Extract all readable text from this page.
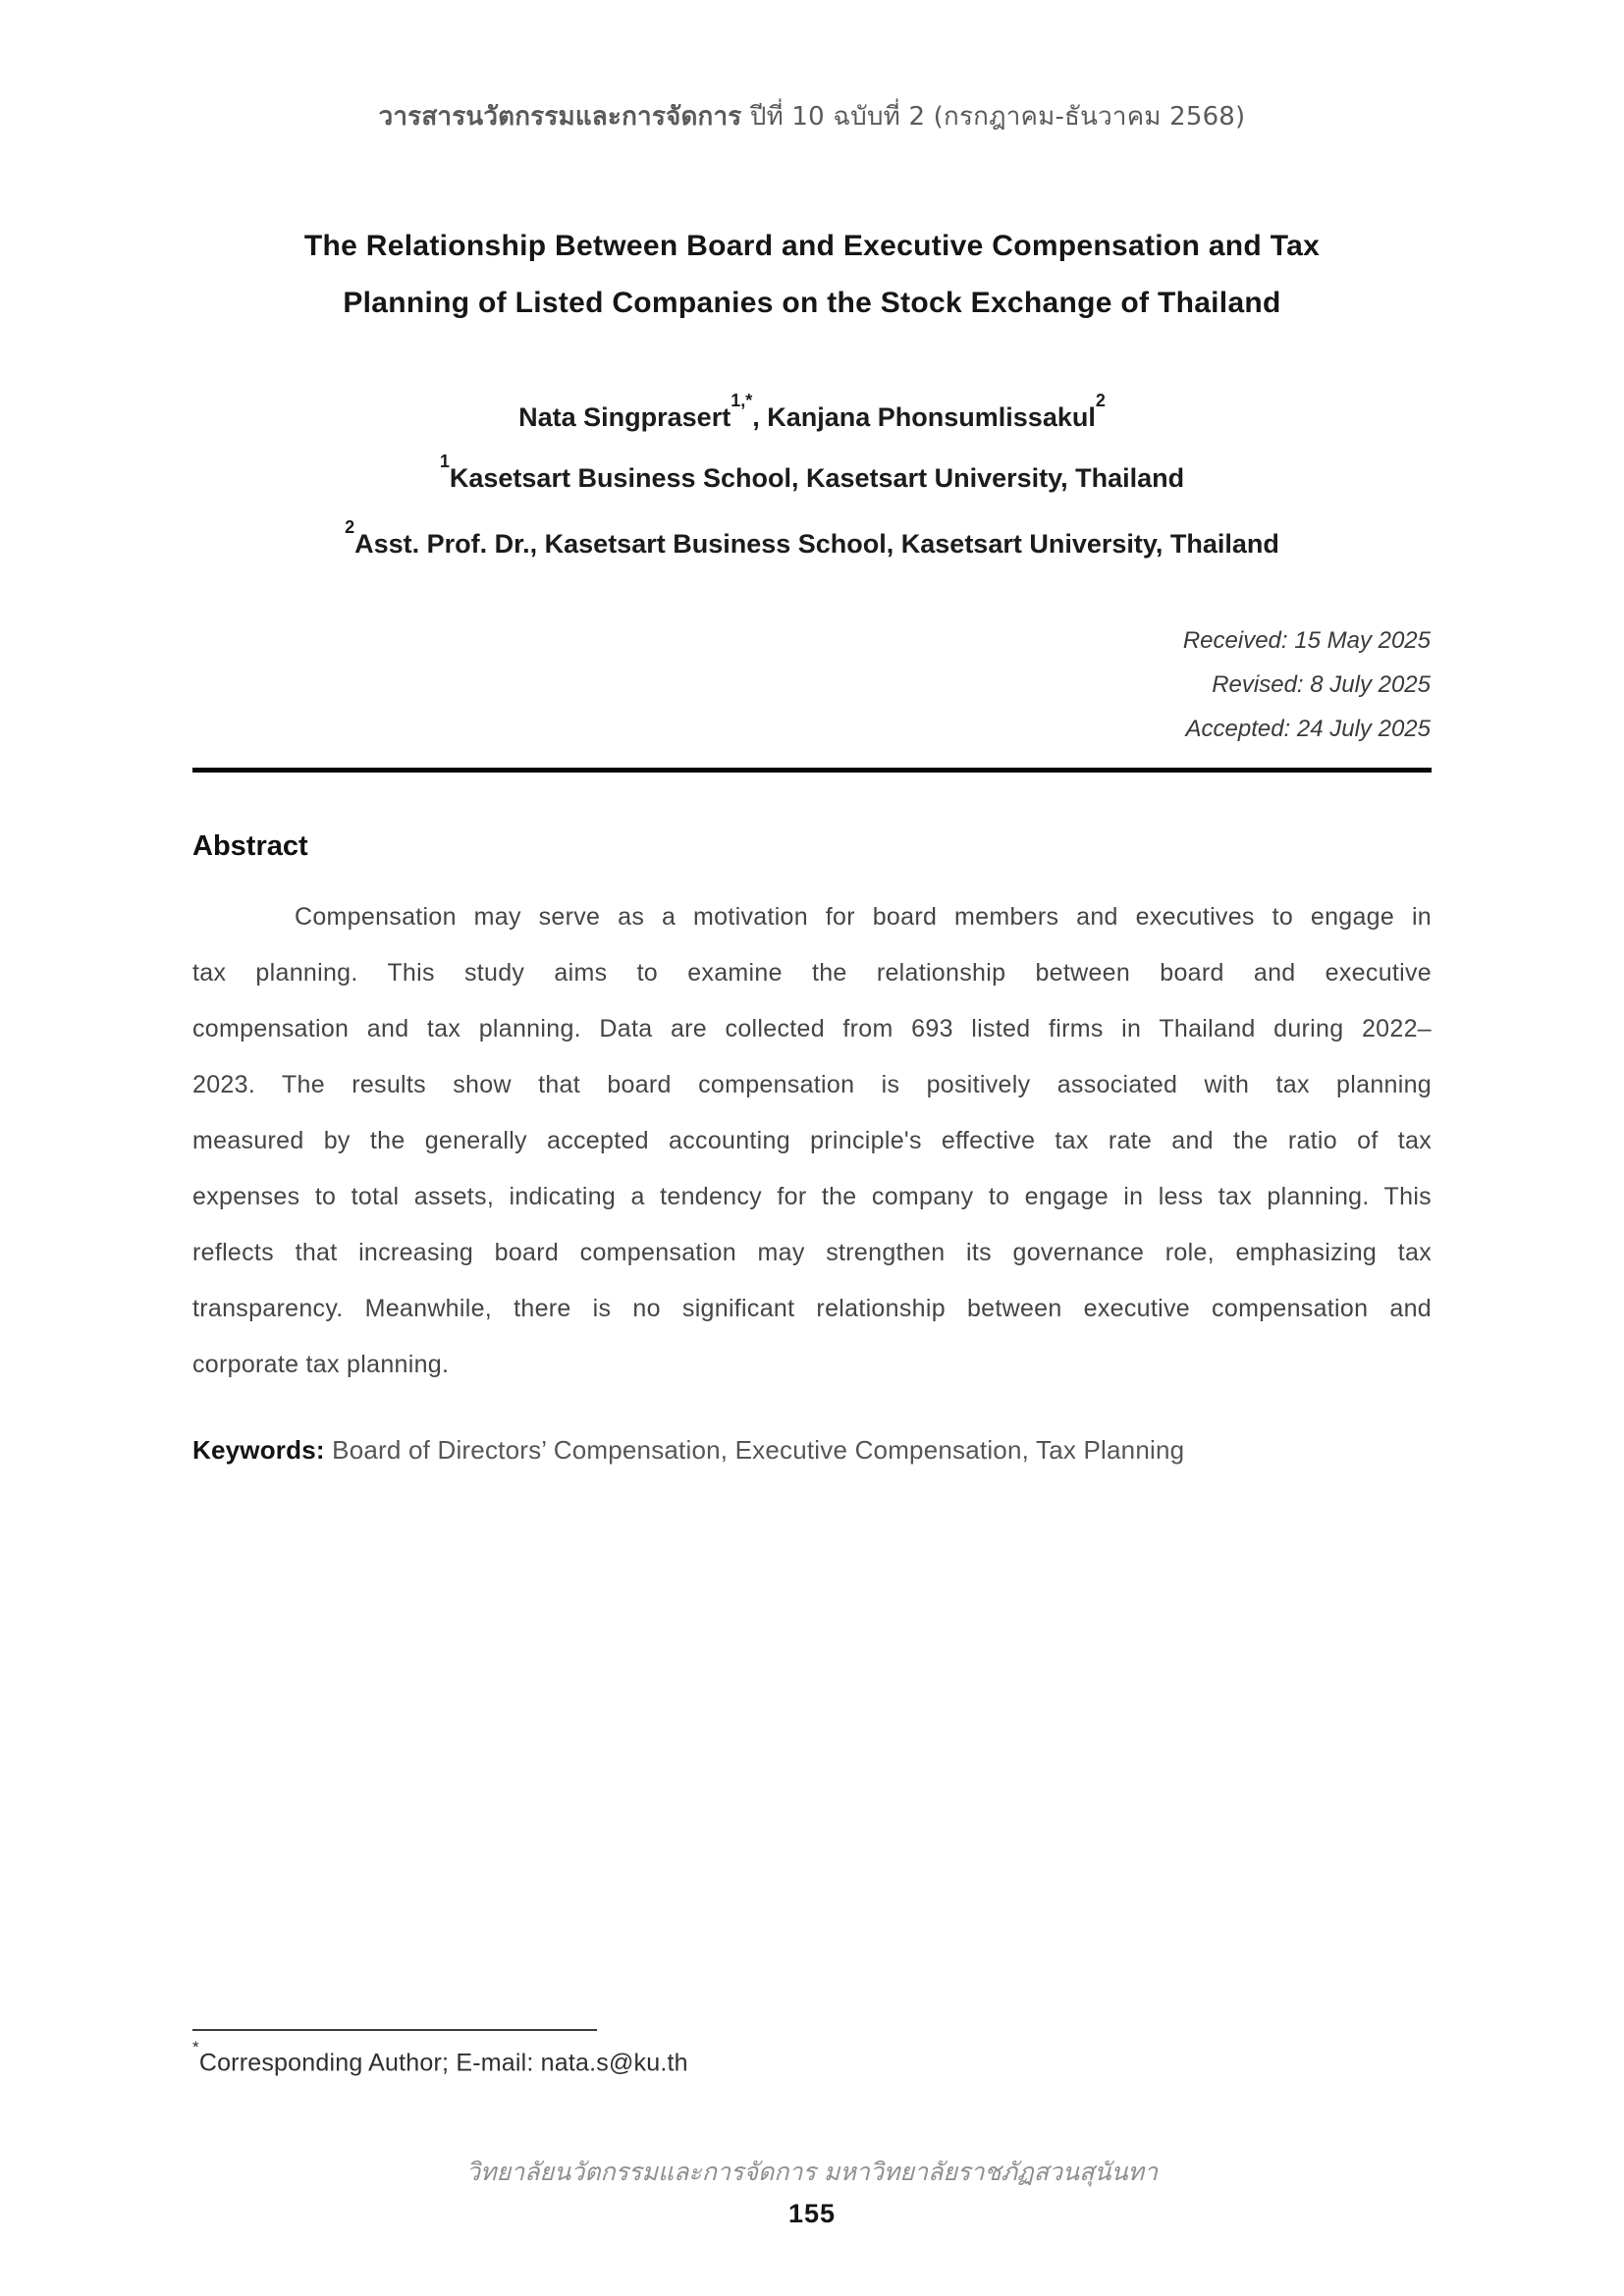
วารสารนวัตกรรมและการจัดการ ปีที่ 10 ฉบับที่ 2 (กรกฎาคม-ธันวาคม 2568)
The Relationship Between Board and Executive Compensation and Tax
Planning of Listed Companies on the Stock Exchange of Thailand
Nata Singprasert$^{1,*}$, Kanjana Phonsumlissakul$^2$
$^1$Kasetsart Business School, Kasetsart University, Thailand
$^2$Asst. Prof. Dr., Kasetsart Business School, Kasetsart University, Thailand
Received: 15 May 2025
Revised: 8 July 2025
Accepted: 24 July 2025
Abstract
Compensation may serve as a motivation for board members and executives to engage in
tax planning. This study aims to examine the relationship between board and executive
compensation and tax planning. Data are collected from 693 listed firms in Thailand during 2022–
2023. The results show that board compensation is positively associated with tax planning
measured by the generally accepted accounting principle's effective tax rate and the ratio of tax
expenses to total assets, indicating a tendency for the company to engage in less tax planning. This
reflects that increasing board compensation may strengthen its governance role, emphasizing tax
transparency. Meanwhile, there is no significant relationship between executive compensation and
corporate tax planning.
Keywords: Board of Directors’ Compensation, Executive Compensation, Tax Planning
*Corresponding Author; E-mail: nata.s@ku.th
วิทยาลัยนวัตกรรมและการจัดการ มหาวิทยาลัยราชภัฏสวนสุนันทา
155
